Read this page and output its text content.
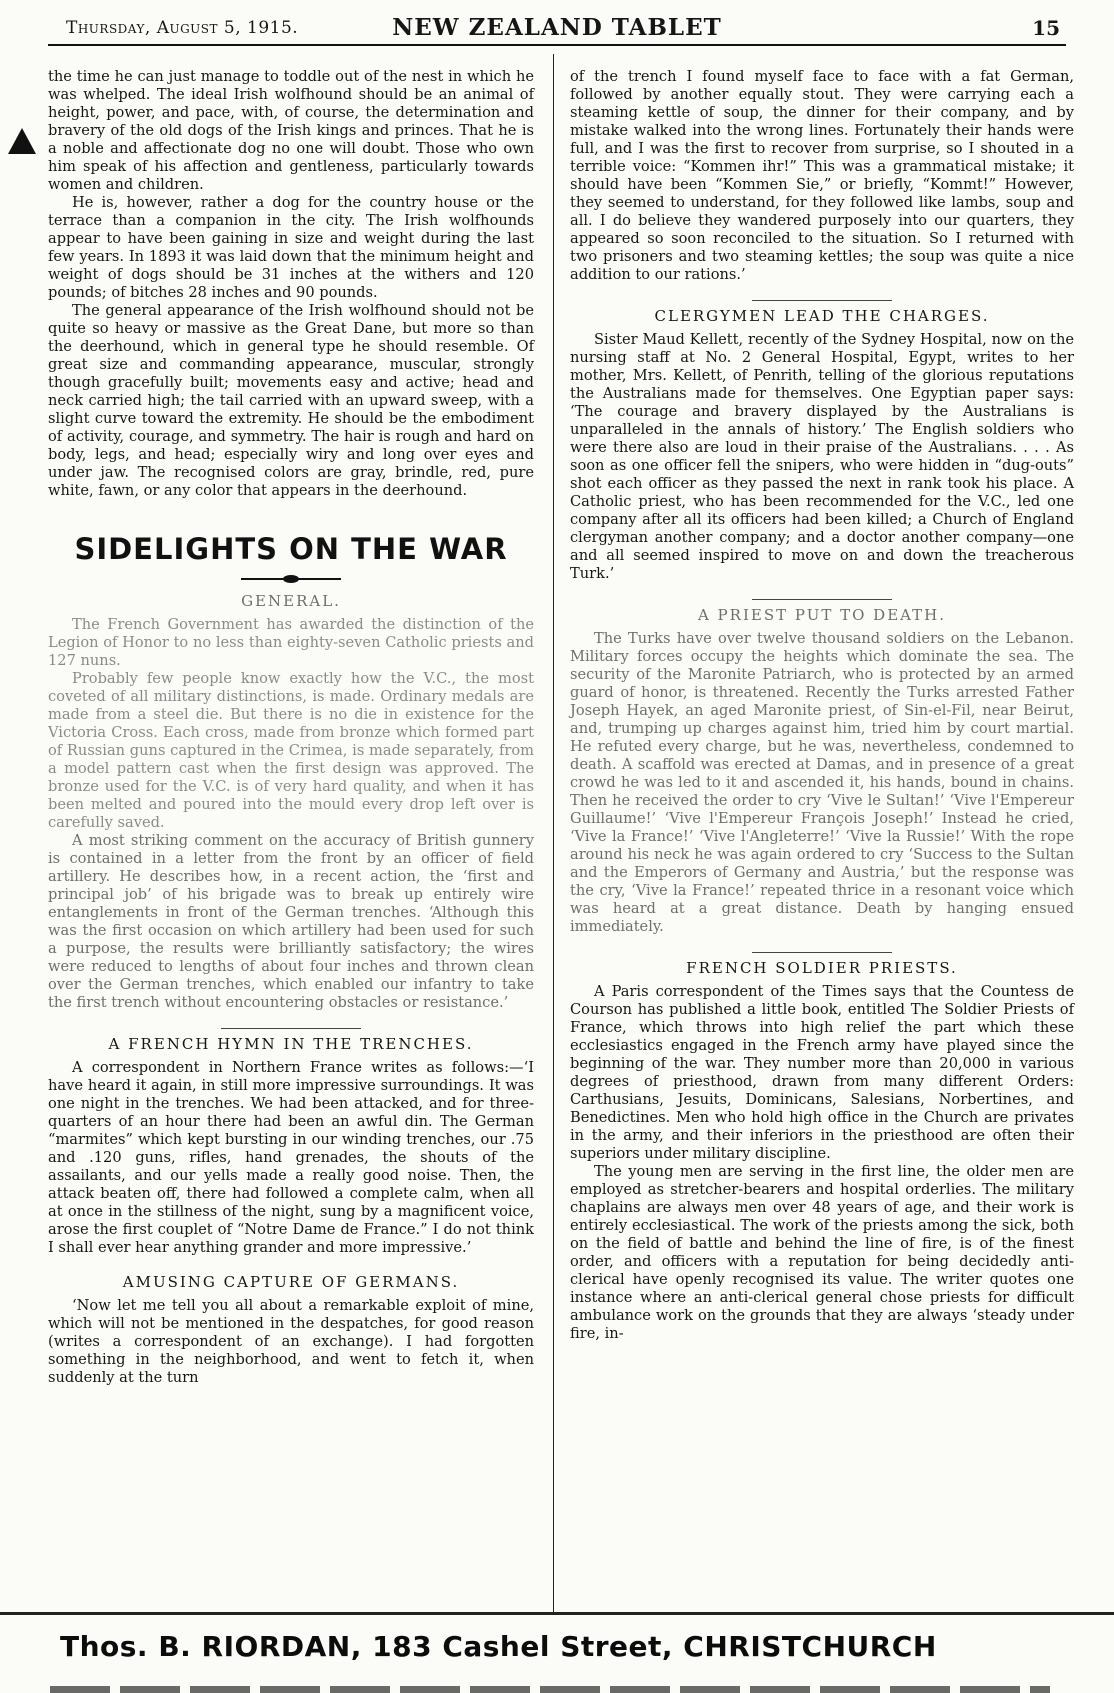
Thursday, August 5, 1915.	NEW ZEALAND TABLET	15

the time he can just manage to toddle out of the nest in which he was whelped. The ideal Irish wolfhound should be an animal of height, power, and pace, with, of course, the determination and bravery of the old dogs of the Irish kings and princes. That he is a noble and affectionate dog no one will doubt. Those who own him speak of his affection and gentleness, particularly towards women and children.

He is, however, rather a dog for the country house or the terrace than a companion in the city. The Irish wolfhounds appear to have been gaining in size and weight during the last few years. In 1893 it was laid down that the minimum height and weight of dogs should be 31 inches at the withers and 120 pounds; of bitches 28 inches and 90 pounds.

The general appearance of the Irish wolfhound should not be quite so heavy or massive as the Great Dane, but more so than the deerhound, which in general type he should resemble. Of great size and commanding appearance, muscular, strongly though gracefully built; movements easy and active; head and neck carried high; the tail carried with an upward sweep, with a slight curve toward the extremity. He should be the embodiment of activity, courage, and symmetry. The hair is rough and hard on body, legs, and head; especially wiry and long over eyes and under jaw. The recognised colors are gray, brindle, red, pure white, fawn, or any color that appears in the deerhound.

SIDELIGHTS ON THE WAR
GENERAL.

The French Government has awarded the distinction of the Legion of Honor to no less than eighty-seven Catholic priests and 127 nuns.

Probably few people know exactly how the V.C., the most coveted of all military distinctions, is made. Ordinary medals are made from a steel die. But there is no die in existence for the Victoria Cross. Each cross, made from bronze which formed part of Russian guns captured in the Crimea, is made separately, from a model pattern cast when the first design was approved. The bronze used for the V.C. is of very hard quality, and when it has been melted and poured into the mould every drop left over is carefully saved.

A most striking comment on the accuracy of British gunnery is contained in a letter from the front by an officer of field artillery. He describes how, in a recent action, the ‘first and principal job’ of his brigade was to break up entirely wire entanglements in front of the German trenches. ‘Although this was the first occasion on which artillery had been used for such a purpose, the results were brilliantly satisfactory; the wires were reduced to lengths of about four inches and thrown clean over the German trenches, which enabled our infantry to take the first trench without encountering obstacles or resistance.’

A FRENCH HYMN IN THE TRENCHES.

A correspondent in Northern France writes as follows:—‘I have heard it again, in still more impressive surroundings. It was one night in the trenches. We had been attacked, and for three-quarters of an hour there had been an awful din. The German “marmites” which kept bursting in our winding trenches, our .75 and .120 guns, rifles, hand grenades, the shouts of the assailants, and our yells made a really good noise. Then, the attack beaten off, there had followed a complete calm, when all at once in the stillness of the night, sung by a magnificent voice, arose the first couplet of “Notre Dame de France.” I do not think I shall ever hear anything grander and more impressive.’

AMUSING CAPTURE OF GERMANS.

‘Now let me tell you all about a remarkable exploit of mine, which will not be mentioned in the despatches, for good reason (writes a correspondent of an exchange). I had forgotten something in the neighborhood, and went to fetch it, when suddenly at the turn

of the trench I found myself face to face with a fat German, followed by another equally stout. They were carrying each a steaming kettle of soup, the dinner for their company, and by mistake walked into the wrong lines. Fortunately their hands were full, and I was the first to recover from surprise, so I shouted in a terrible voice: “Kommen ihr!” This was a grammatical mistake; it should have been “Kommen Sie,” or briefly, “Kommt!” However, they seemed to understand, for they followed like lambs, soup and all. I do believe they wandered purposely into our quarters, they appeared so soon reconciled to the situation. So I returned with two prisoners and two steaming kettles; the soup was quite a nice addition to our rations.’

CLERGYMEN LEAD THE CHARGES.

Sister Maud Kellett, recently of the Sydney Hospital, now on the nursing staff at No. 2 General Hospital, Egypt, writes to her mother, Mrs. Kellett, of Penrith, telling of the glorious reputations the Australians made for themselves. One Egyptian paper says: ‘The courage and bravery displayed by the Australians is unparalleled in the annals of history.’ The English soldiers who were there also are loud in their praise of the Australians. . . . As soon as one officer fell the snipers, who were hidden in “dug-outs” shot each officer as they passed the next in rank took his place. A Catholic priest, who has been recommended for the V.C., led one company after all its officers had been killed; a Church of England clergyman another company; and a doctor another company—one and all seemed inspired to move on and down the treacherous Turk.’

A PRIEST PUT TO DEATH.

The Turks have over twelve thousand soldiers on the Lebanon. Military forces occupy the heights which dominate the sea. The security of the Maronite Patriarch, who is protected by an armed guard of honor, is threatened. Recently the Turks arrested Father Joseph Hayek, an aged Maronite priest, of Sin-el-Fil, near Beirut, and, trumping up charges against him, tried him by court martial. He refuted every charge, but he was, nevertheless, condemned to death. A scaffold was erected at Damas, and in presence of a great crowd he was led to it and ascended it, his hands, bound in chains. Then he received the order to cry ‘Vive le Sultan!’ ‘Vive l'Empereur Guillaume!’ ‘Vive l'Empereur François Joseph!’ Instead he cried, ‘Vive la France!’ ‘Vive l'Angleterre!’ ‘Vive la Russie!’ With the rope around his neck he was again ordered to cry ‘Success to the Sultan and the Emperors of Germany and Austria,’ but the response was the cry, ‘Vive la France!’ repeated thrice in a resonant voice which was heard at a great distance. Death by hanging ensued immediately.

FRENCH SOLDIER PRIESTS.

A Paris correspondent of the Times says that the Countess de Courson has published a little book, entitled The Soldier Priests of France, which throws into high relief the part which these ecclesiastics engaged in the French army have played since the beginning of the war. They number more than 20,000 in various degrees of priesthood, drawn from many different Orders: Carthusians, Jesuits, Dominicans, Salesians, Norbertines, and Benedictines. Men who hold high office in the Church are privates in the army, and their inferiors in the priesthood are often their superiors under military discipline.

The young men are serving in the first line, the older men are employed as stretcher-bearers and hospital orderlies. The military chaplains are always men over 48 years of age, and their work is entirely ecclesiastical. The work of the priests among the sick, both on the field of battle and behind the line of fire, is of the finest order, and officers with a reputation for being decidedly anti-clerical have openly recognised its value. The writer quotes one instance where an anti-clerical general chose priests for difficult ambulance work on the grounds that they are always ‘steady under fire, in-

Thos. B. RIORDAN, 183 Cashel Street, CHRISTCHURCH
